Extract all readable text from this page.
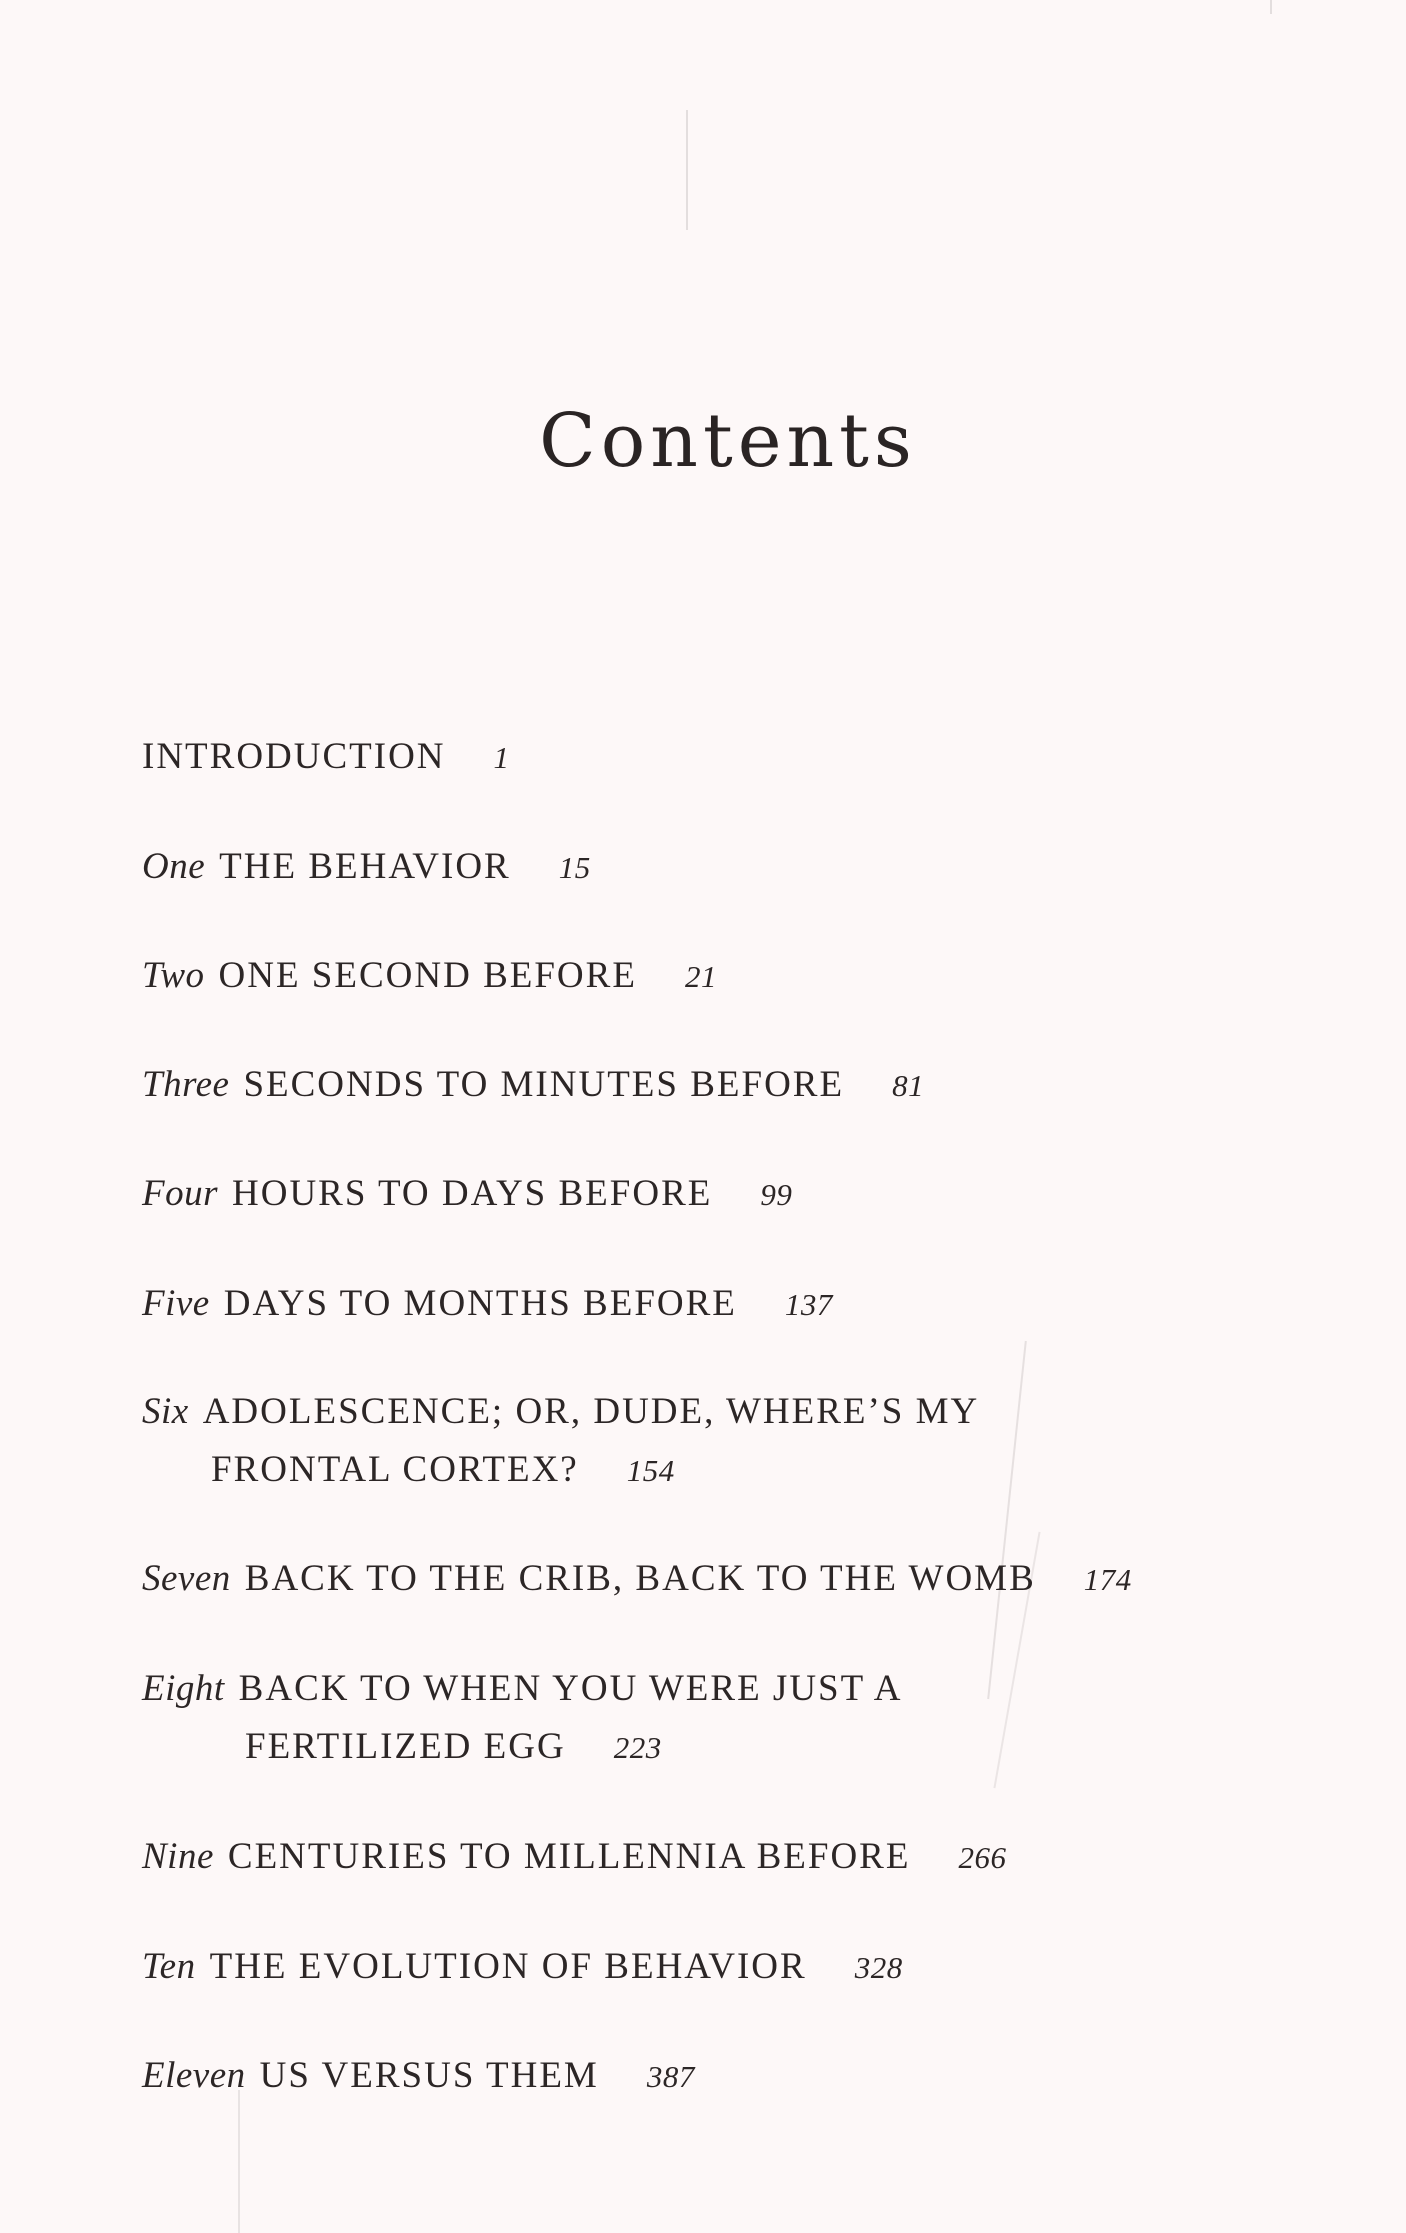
Contents
INTRODUCTION 1
One THE BEHAVIOR 15
Two ONE SECOND BEFORE 21
Three SECONDS TO MINUTES BEFORE 81
Four HOURS TO DAYS BEFORE 99
Five DAYS TO MONTHS BEFORE 137
Six ADOLESCENCE; OR, DUDE, WHERE’S MY
FRONTAL CORTEX? 154
Seven BACK TO THE CRIB, BACK TO THE WOMB 174
Eight BACK TO WHEN YOU WERE JUST A
FERTILIZED EGG 223
Nine CENTURIES TO MILLENNIA BEFORE 266
Ten THE EVOLUTION OF BEHAVIOR 328
Eleven US VERSUS THEM 387
